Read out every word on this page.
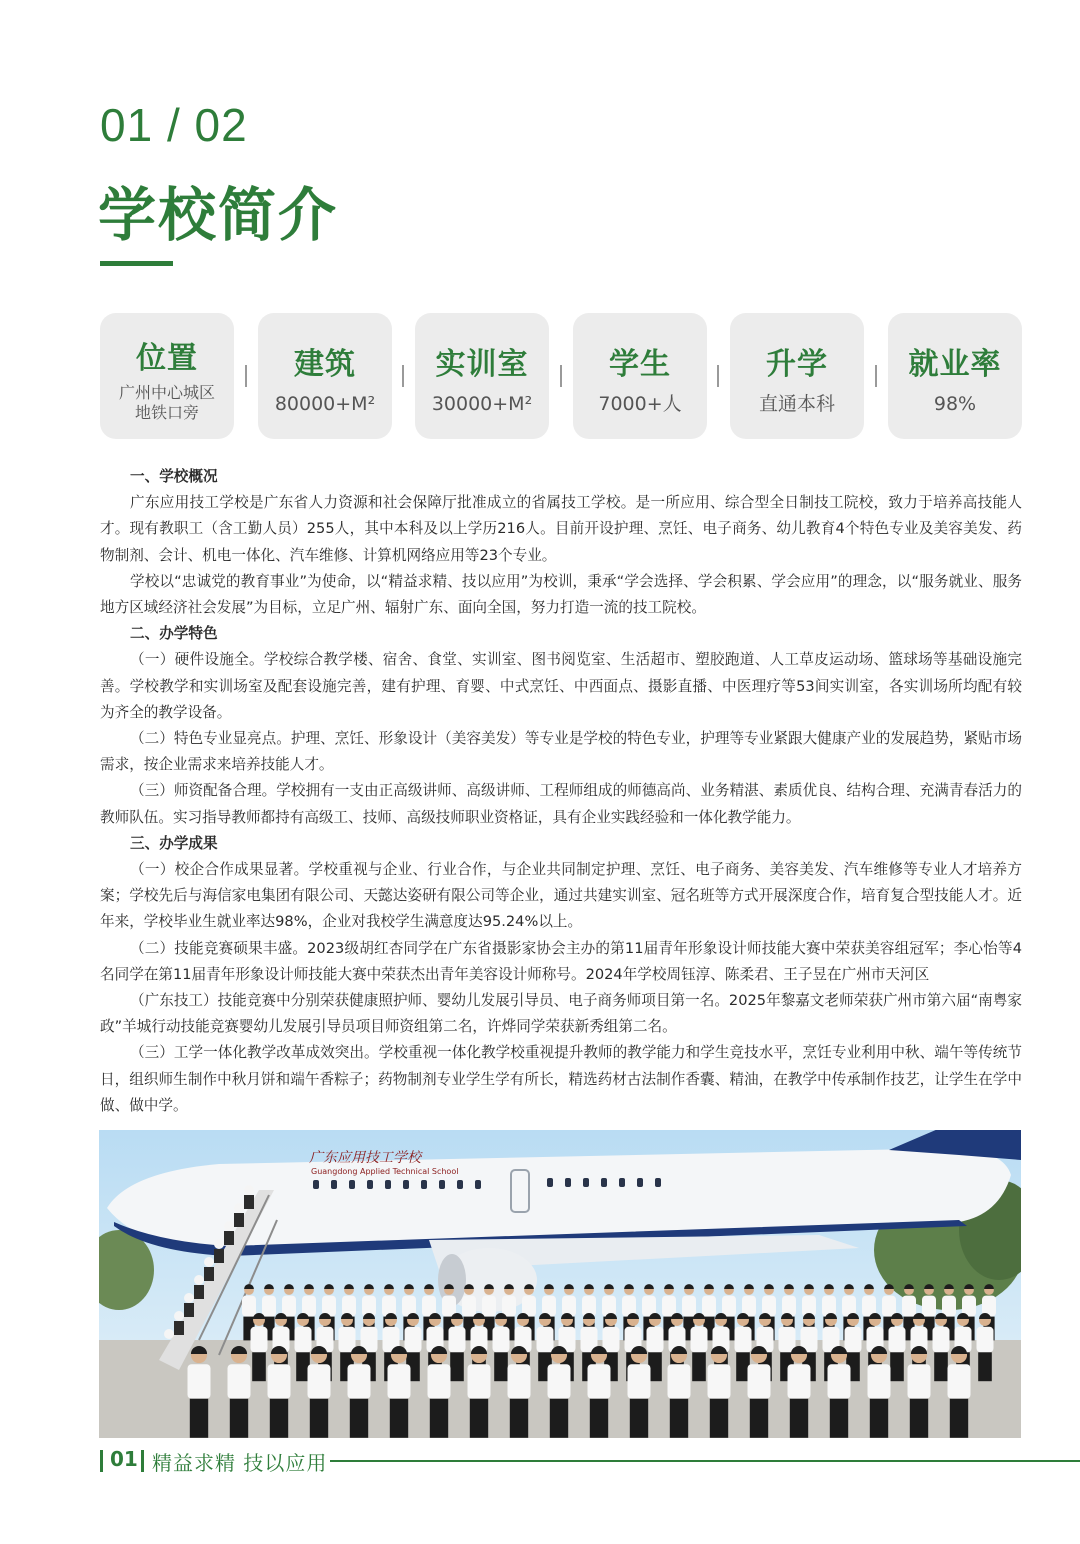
01 / 02
学校简介
位置
广州中心城区
地铁口旁
建筑
80000+M²
实训室
30000+M²
学生
7000+人
升学
直通本科
就业率
98%
一、学校概况
广东应用技工学校是广东省人力资源和社会保障厅批准成立的省属技工学校。是一所应用、综合型全日制技工院校，致力于培养高技能人才。现有教职工（含工勤人员）255人，其中本科及以上学历216人。目前开设护理、烹饪、电子商务、幼儿教育4个特色专业及美容美发、药物制剂、会计、机电一体化、汽车维修、计算机网络应用等23个专业。
学校以“忠诚党的教育事业”为使命，以“精益求精、技以应用”为校训，秉承“学会选择、学会积累、学会应用”的理念，以“服务就业、服务地方区域经济社会发展”为目标，立足广州、辐射广东、面向全国，努力打造一流的技工院校。
二、办学特色
（一）硬件设施全。学校综合教学楼、宿舍、食堂、实训室、图书阅览室、生活超市、塑胶跑道、人工草皮运动场、篮球场等基础设施完善。学校教学和实训场室及配套设施完善，建有护理、育婴、中式烹饪、中西面点、摄影直播、中医理疗等53间实训室，各实训场所均配有较为齐全的教学设备。
（二）特色专业显亮点。护理、烹饪、形象设计（美容美发）等专业是学校的特色专业，护理等专业紧跟大健康产业的发展趋势，紧贴市场需求，按企业需求来培养技能人才。
（三）师资配备合理。学校拥有一支由正高级讲师、高级讲师、工程师组成的师德高尚、业务精湛、素质优良、结构合理、充满青春活力的教师队伍。实习指导教师都持有高级工、技师、高级技师职业资格证，具有企业实践经验和一体化教学能力。
三、办学成果
（一）校企合作成果显著。学校重视与企业、行业合作，与企业共同制定护理、烹饪、电子商务、美容美发、汽车维修等专业人才培养方案；学校先后与海信家电集团有限公司、天懿达姿研有限公司等企业，通过共建实训室、冠名班等方式开展深度合作，培育复合型技能人才。近年来，学校毕业生就业率达98%，企业对我校学生满意度达95.24%以上。
（二）技能竞赛硕果丰盛。2023级胡红杏同学在广东省摄影家协会主办的第11届青年形象设计师技能大赛中荣获美容组冠军；李心怡等4名同学在第11届青年形象设计师技能大赛中荣获杰出青年美容设计师称号。2024年学校周钰淳、陈柔君、王子昱在广州市天河区
（广东技工）技能竞赛中分别荣获健康照护师、婴幼儿发展引导员、电子商务师项目第一名。2025年黎嘉文老师荣获广州市第六届“南粤家政”羊城行动技能竞赛婴幼儿发展引导员项目师资组第二名，许烨同学荣获新秀组第二名。
（三）工学一体化教学改革成效突出。学校重视一体化教学校重视提升教师的教学能力和学生竞技水平，烹饪专业利用中秋、端午等传统节日，组织师生制作中秋月饼和端午香粽子；药物制剂专业学生学有所长，精选药材古法制作香囊、精油，在教学中传承制作技艺，让学生在学中做、做中学。
广东应用技工学校
Guangdong Applied Technical School
01 精益求精 技以应用
